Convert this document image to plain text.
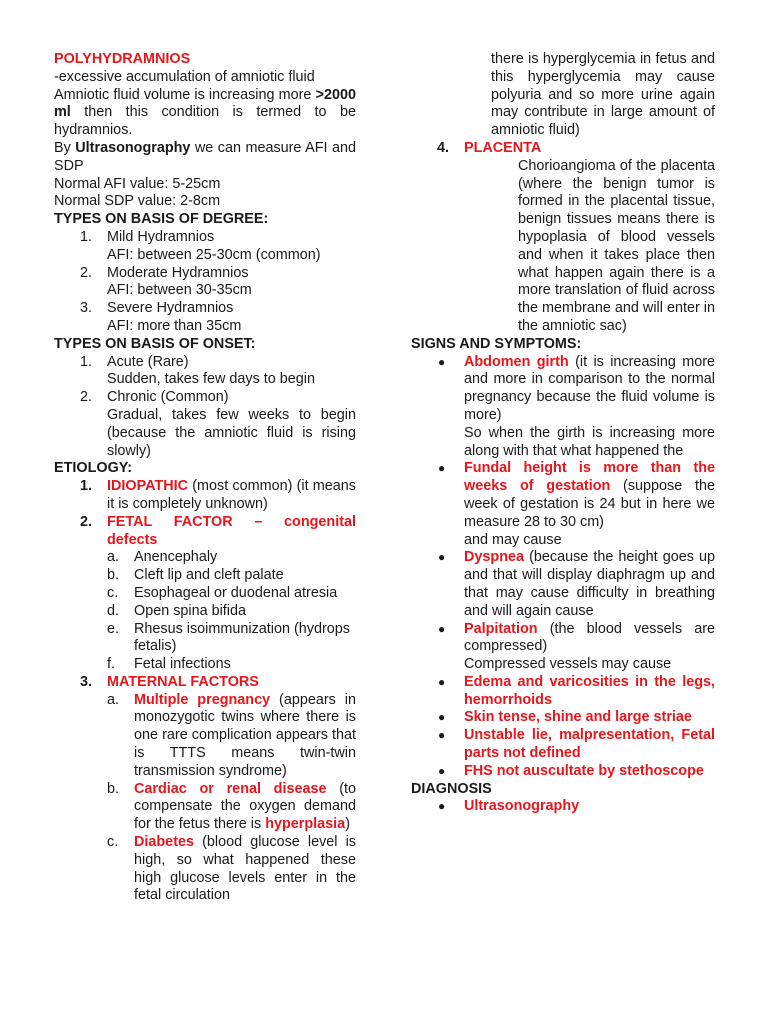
POLYHYDRAMNIOS

-excessive accumulation of amniotic fluid

Amniotic fluid volume is increasing more >2000 ml then this condition is termed to be hydramnios.

By Ultrasonography we can measure AFI and SDP

Normal AFI value: 5-25cm

Normal SDP value: 2-8cm

TYPES ON BASIS OF DEGREE:

1. Mild Hydramnios

AFI: between 25-30cm (common)

2. Moderate Hydramnios

AFI: between 30-35cm

3. Severe Hydramnios

AFI: more than 35cm

TYPES ON BASIS OF ONSET:

1. Acute (Rare)

Sudden, takes few days to begin

2. Chronic (Common)

Gradual, takes few weeks to begin (because the amniotic fluid is rising slowly)

ETIOLOGY:

1. IDIOPATHIC (most common) (it means it is completely unknown)
2. FETAL FACTOR – congenital defects
a. Anencephaly
b. Cleft lip and cleft palate
c. Esophageal or duodenal atresia
d. Open spina bifida
e. Rhesus isoimmunization (hydrops fetalis)
f. Fetal infections
3. MATERNAL FACTORS
a. Multiple pregnancy (appears in monozygotic twins where there is one rare complication appears that is TTTS means twin-twin transmission syndrome)
b. Cardiac or renal disease (to compensate the oxygen demand for the fetus there is hyperplasia)
c. Diabetes (blood glucose level is high, so what happened these high glucose levels enter in the fetal circulation

there is hyperglycemia in fetus and this hyperglycemia may cause polyuria and so more urine again may contribute in large amount of amniotic fluid)

4. PLACENTA

Chorioangioma of the placenta (where the benign tumor is formed in the placental tissue, benign tissues means there is hypoplasia of blood vessels and when it takes place then what happen again there is a more translation of fluid across the membrane and will enter in the amniotic sac)

SIGNS AND SYMPTOMS:

● Abdomen girth (it is increasing more and more in comparison to the normal pregnancy because the fluid volume is more)

So when the girth is increasing more along with that what happened the

● Fundal height is more than the weeks of gestation (suppose the week of gestation is 24 but in here we measure 28 to 30 cm)

and may cause

● Dyspnea (because the height goes up and that will display diaphragm up and that may cause difficulty in breathing and will again cause
● Palpitation (the blood vessels are compressed)

Compressed vessels may cause

● Edema and varicosities in the legs, hemorrhoids
● Skin tense, shine and large striae
● Unstable lie, malpresentation, Fetal parts not defined
● FHS not auscultate by stethoscope

DIAGNOSIS

● Ultrasonography
